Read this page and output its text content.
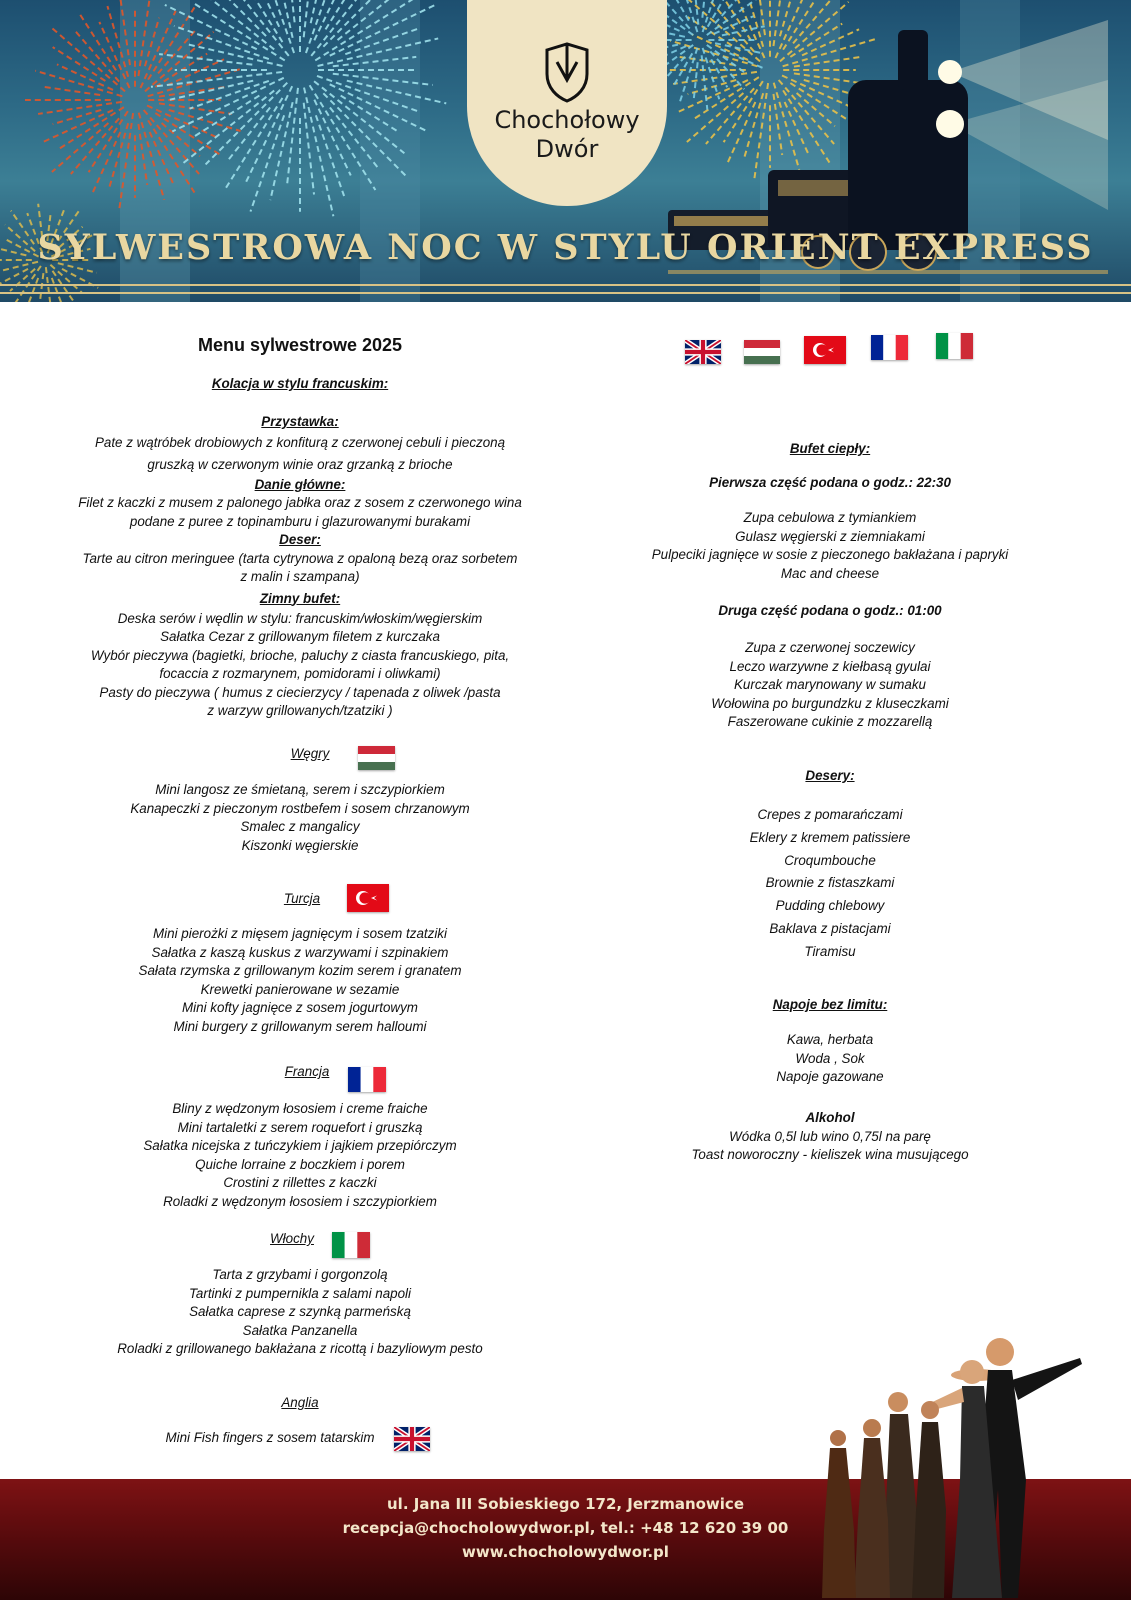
Chochołowy
Dwór
SYLWESTROWA NOC W STYLU ORIENT EXPRESS
Menu sylwestrowe 2025

Kolacja w stylu francuskim:

Przystawka:

Pate z wątróbek drobiowych z konfiturą z czerwonej cebuli i pieczoną

gruszką w czerwonym winie oraz grzanką z brioche

Danie główne:

Filet z kaczki z musem z palonego jabłka oraz z sosem z czerwonego wina

podane z puree z topinamburu i glazurowanymi burakami

Deser:

Tarte au citron meringuee (tarta cytrynowa z opaloną bezą oraz sorbetem

z malin i szampana)

Zimny bufet:

Deska serów i wędlin w stylu: francuskim/włoskim/węgierskim

Sałatka Cezar z grillowanym filetem z kurczaka

Wybór pieczywa (bagietki, brioche, paluchy z ciasta francuskiego, pita,

focaccia z rozmarynem, pomidorami i oliwkami)

Pasty do pieczywa ( humus z ciecierzycy / tapenada z oliwek /pasta

z warzyw grillowanych/tzatziki )

Węgry

Mini langosz ze śmietaną, serem i szczypiorkiem

Kanapeczki z pieczonym rostbefem i sosem chrzanowym

Smalec z mangalicy

Kiszonki węgierskie

Turcja

Mini pierożki z mięsem jagnięcym i sosem tzatziki

Sałatka z kaszą kuskus z warzywami i szpinakiem

Sałata rzymska z grillowanym kozim serem i granatem

Krewetki panierowane w sezamie

Mini kofty jagnięce z sosem jogurtowym

Mini burgery z grillowanym serem halloumi

Francja

Bliny z wędzonym łososiem i creme fraiche

Mini tartaletki z serem roquefort i gruszką

Sałatka nicejska z tuńczykiem i jajkiem przepiórczym

Quiche lorraine z boczkiem i porem

Crostini z rillettes z kaczki

Roladki z wędzonym łososiem i szczypiorkiem

Włochy

Tarta z grzybami i gorgonzolą

Tartinki z pumpernikla z salami napoli

Sałatka caprese z szynką parmeńską

Sałatka Panzanella

Roladki z grillowanego bakłażana z ricottą i bazyliowym pesto

Anglia

Mini Fish fingers z sosem tatarskim

Bufet ciepły:

Pierwsza część podana o godz.: 22:30

Zupa cebulowa z tymiankiem

Gulasz węgierski z ziemniakami

Pulpeciki jagnięce w sosie z pieczonego bakłażana i papryki

Mac and cheese

Druga część podana o godz.: 01:00

Zupa z czerwonej soczewicy

Leczo warzywne z kiełbasą gyulai

Kurczak marynowany w sumaku

Wołowina po burgundzku z kluseczkami

Faszerowane cukinie z mozzarellą

Desery:

Crepes z pomarańczami

Eklery z kremem patissiere

Croqumbouche

Brownie z fistaszkami

Pudding chlebowy

Baklava z pistacjami

Tiramisu

Napoje bez limitu:

Kawa, herbata

Woda , Sok

Napoje gazowane

Alkohol

Wódka 0,5l lub wino 0,75l na parę

Toast noworoczny - kieliszek wina musującego

ul. Jana III Sobieskiego 172, Jerzmanowice
recepcja@chocholowydwor.pl, tel.: +48 12 620 39 00
www.chocholowydwor.pl
